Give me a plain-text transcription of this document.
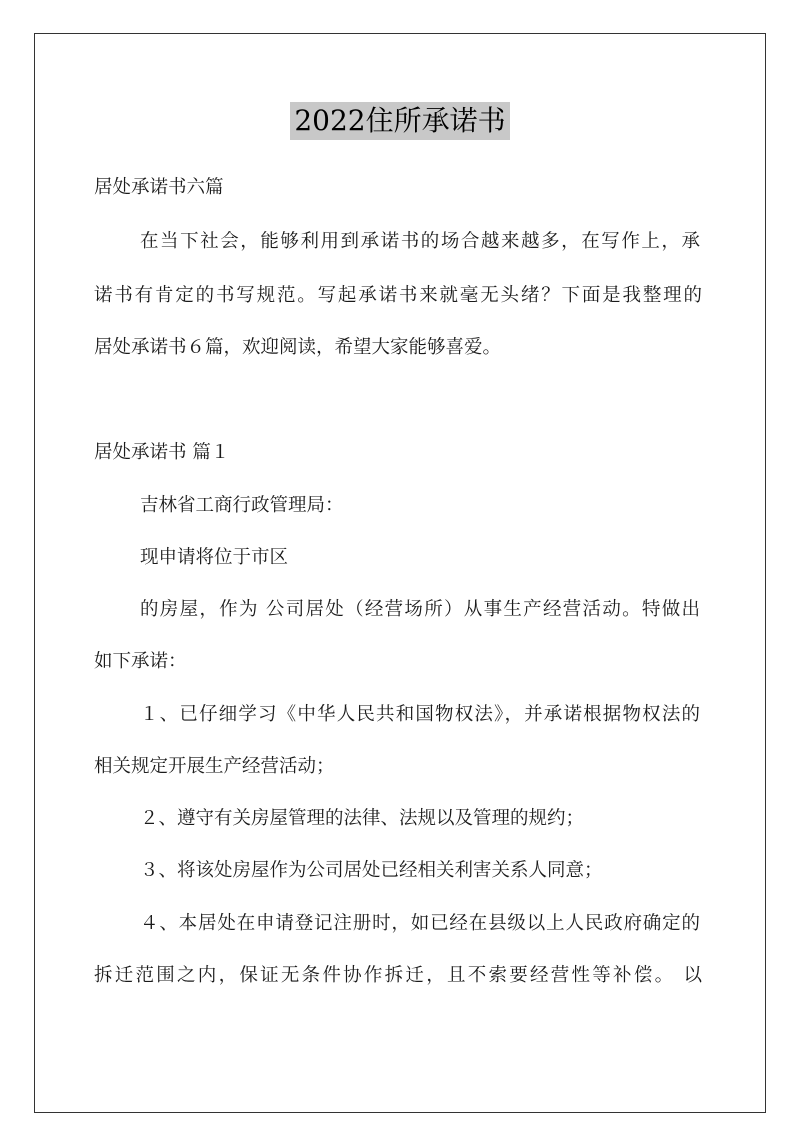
2022住所承诺书
居处承诺书六篇
在当下社会，能够利用到承诺书的场合越来越多，在写作上，承
诺书有肯定的书写规范。写起承诺书来就毫无头绪？下面是我整理的
居处承诺书６篇，欢迎阅读，希望大家能够喜爱。
居处承诺书 篇１
吉林省工商行政管理局：
现申请将位于市区
的房屋，作为 公司居处（经营场所）从事生产经营活动。特做出
如下承诺：
１、已仔细学习《中华人民共和国物权法》，并承诺根据物权法的
相关规定开展生产经营活动；
２、遵守有关房屋管理的法律、法规以及管理的规约；
３、将该处房屋作为公司居处已经相关利害关系人同意；
４、本居处在申请登记注册时，如已经在县级以上人民政府确定的
拆迁范围之内，保证无条件协作拆迁，且不索要经营性等补偿。 以
